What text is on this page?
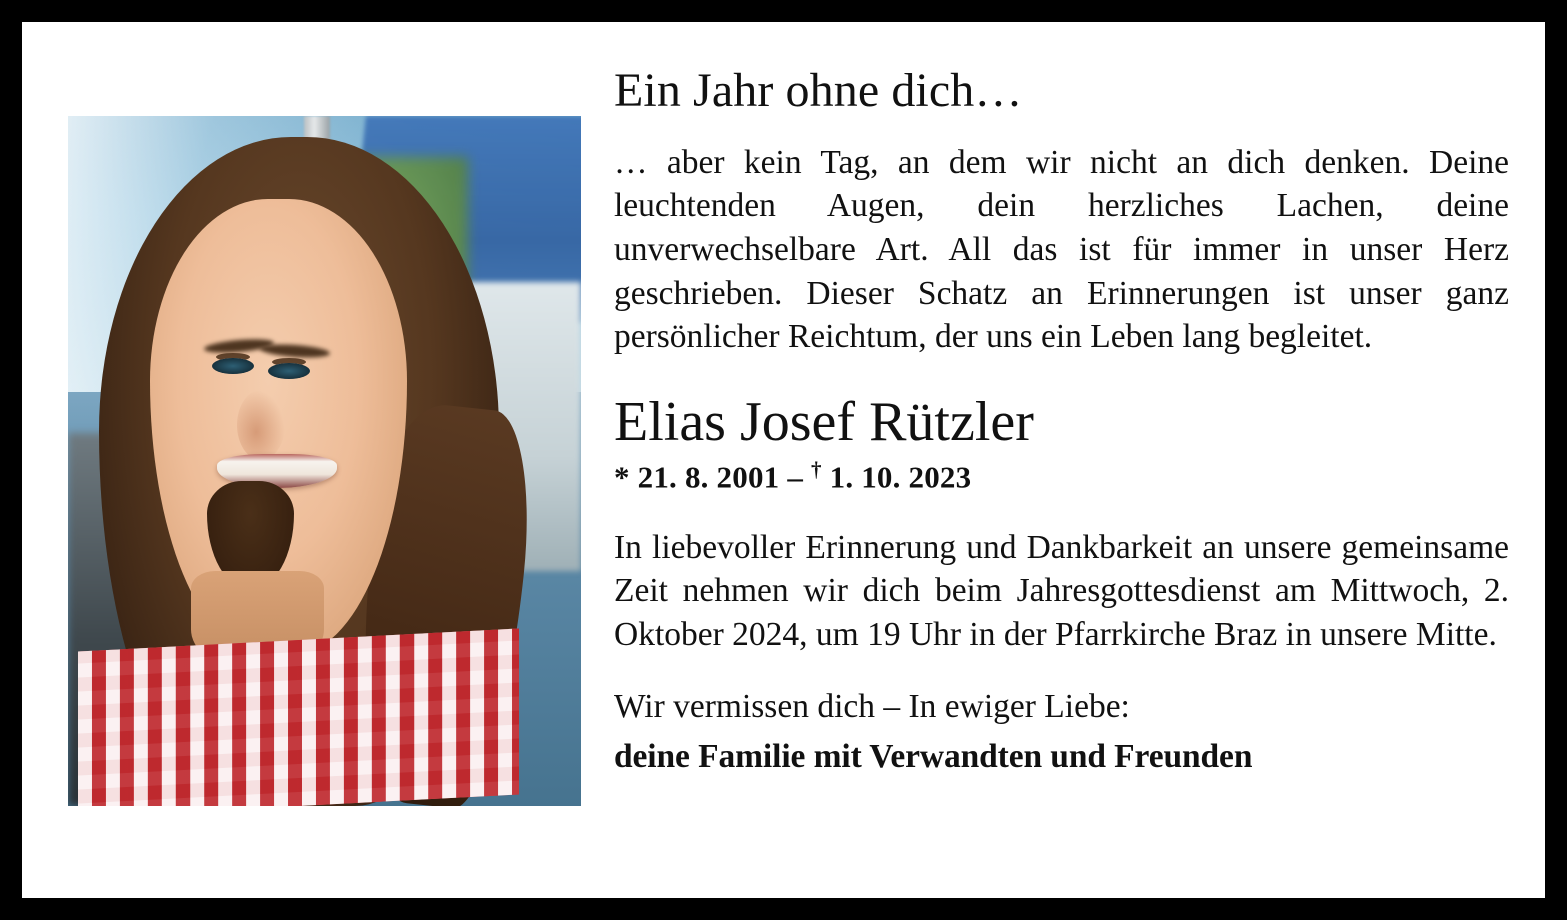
Ein Jahr ohne dich…

… aber kein Tag, an dem wir nicht an dich denken. Deine leuchtenden Augen, dein herzliches Lachen, deine unverwechselbare Art. All das ist für immer in unser Herz geschrieben. Dieser Schatz an Erinnerungen ist unser ganz persönlicher Reichtum, der uns ein Leben lang begleitet.

Elias Josef Rützler

* 21. 8. 2001 – † 1. 10. 2023

In liebevoller Erinnerung und Dankbarkeit an unsere gemeinsame Zeit nehmen wir dich beim Jahresgottesdienst am Mittwoch, 2. Oktober 2024, um 19 Uhr in der Pfarrkirche Braz in unsere Mitte.

Wir vermissen dich – In ewiger Liebe:

deine Familie mit Verwandten und Freunden
